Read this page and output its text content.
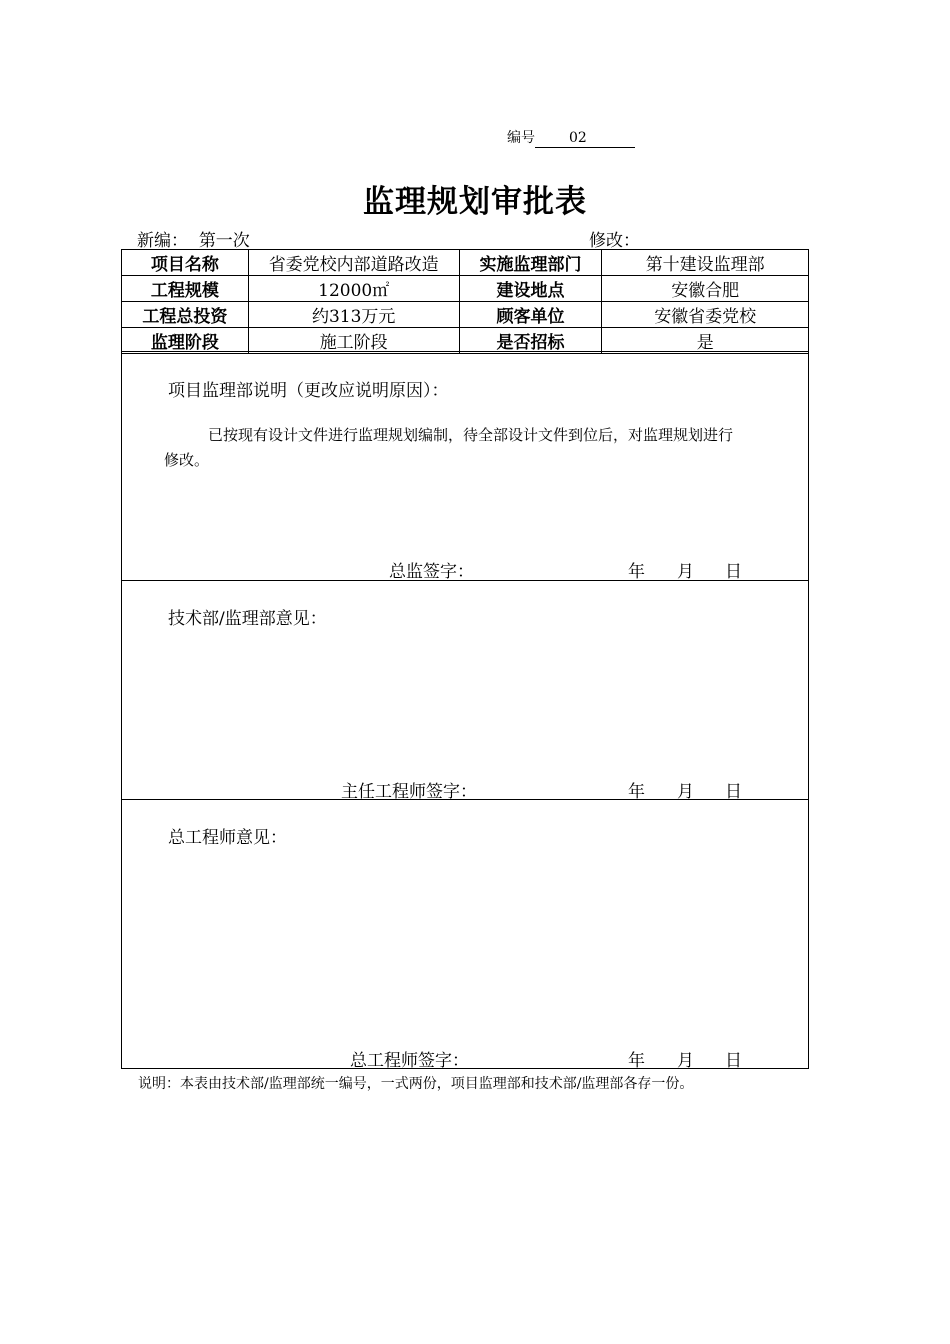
编号 02
监理规划审批表
新编： 第一次	修改：
项目名称	省委党校内部道路改造	实施监理部门	第十建设监理部
工程规模	12000㎡	建设地点	安徽合肥
工程总投资	约313万元	顾客单位	安徽省委党校
监理阶段	施工阶段	是否招标	是
项目监理部说明（更改应说明原因）：
已按现有设计文件进行监理规划编制，待全部设计文件到位后，对监理规划进行
修改。
总监签字：	年 月 日
技术部/监理部意见：
主任工程师签字：	年 月 日
总工程师意见：
总工程师签字：	年 月 日
说明：本表由技术部/监理部统一编号，一式两份，项目监理部和技术部/监理部各存一份。
